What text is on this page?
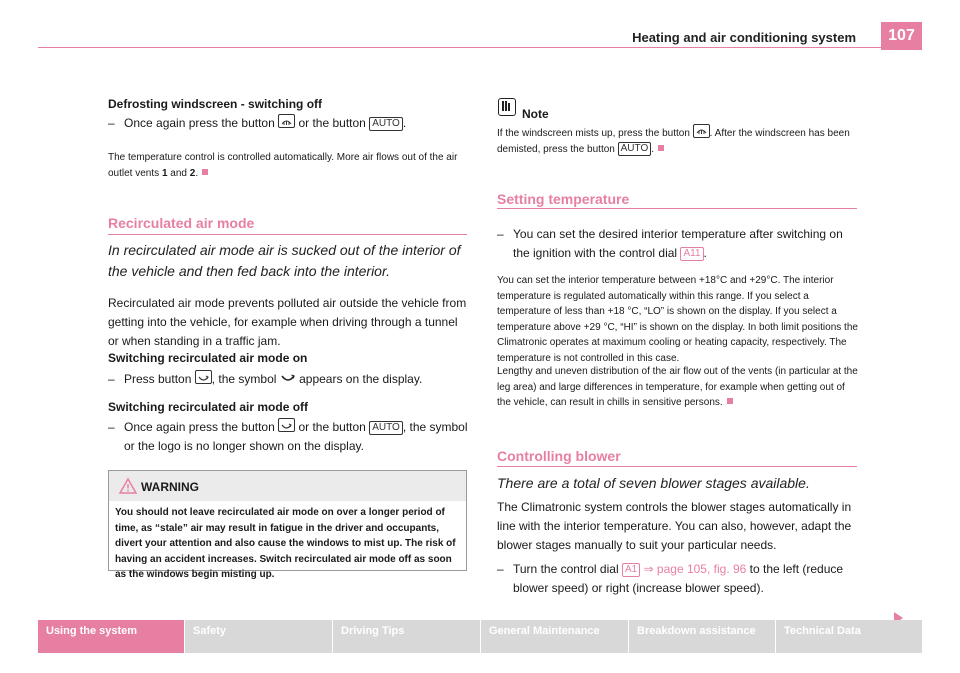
Heating and air conditioning system	107
Defrosting windscreen - switching off
– Once again press the button or the button AUTO .
The temperature control is controlled automatically. More air flows out of the air outlet vents 1 and 2.
Recirculated air mode
In recirculated air mode air is sucked out of the interior of the vehicle and then fed back into the interior.
Recirculated air mode prevents polluted air outside the vehicle from getting into the vehicle, for example when driving through a tunnel or when standing in a traffic jam.
Switching recirculated air mode on
– Press button , the symbol appears on the display.
Switching recirculated air mode off
– Once again press the button or the button AUTO , the symbol or the logo is no longer shown on the display.
WARNING
You should not leave recirculated air mode on over a longer period of time, as “stale” air may result in fatigue in the driver and occupants, divert your attention and also cause the windows to mist up. The risk of having an accident increases. Switch recirculated air mode off as soon as the windows begin misting up.
Note
If the windscreen mists up, press the button . After the windscreen has been demisted, press the button AUTO .
Setting temperature
– You can set the desired interior temperature after switching on the ignition with the control dial A11 .
You can set the interior temperature between +18°C and +29°C. The interior temperature is regulated automatically within this range. If you select a temperature of less than +18 °C, “LO” is shown on the display. If you select a temperature above +29 °C, “HI” is shown on the display. In both limit positions the Climatronic operates at maximum cooling or heating capacity, respectively. The temperature is not controlled in this case.
Lengthy and uneven distribution of the air flow out of the vents (in particular at the leg area) and large differences in temperature, for example when getting out of the vehicle, can result in chills in sensitive persons.
Controlling blower
There are a total of seven blower stages available.
The Climatronic system controls the blower stages automatically in line with the interior temperature. You can also, however, adapt the blower stages manually to suit your particular needs.
– Turn the control dial A1 ⇒ page 105, fig. 96 to the left (reduce blower speed) or right (increase blower speed).
Using the system	Safety	Driving Tips	General Maintenance	Breakdown assistance	Technical Data
